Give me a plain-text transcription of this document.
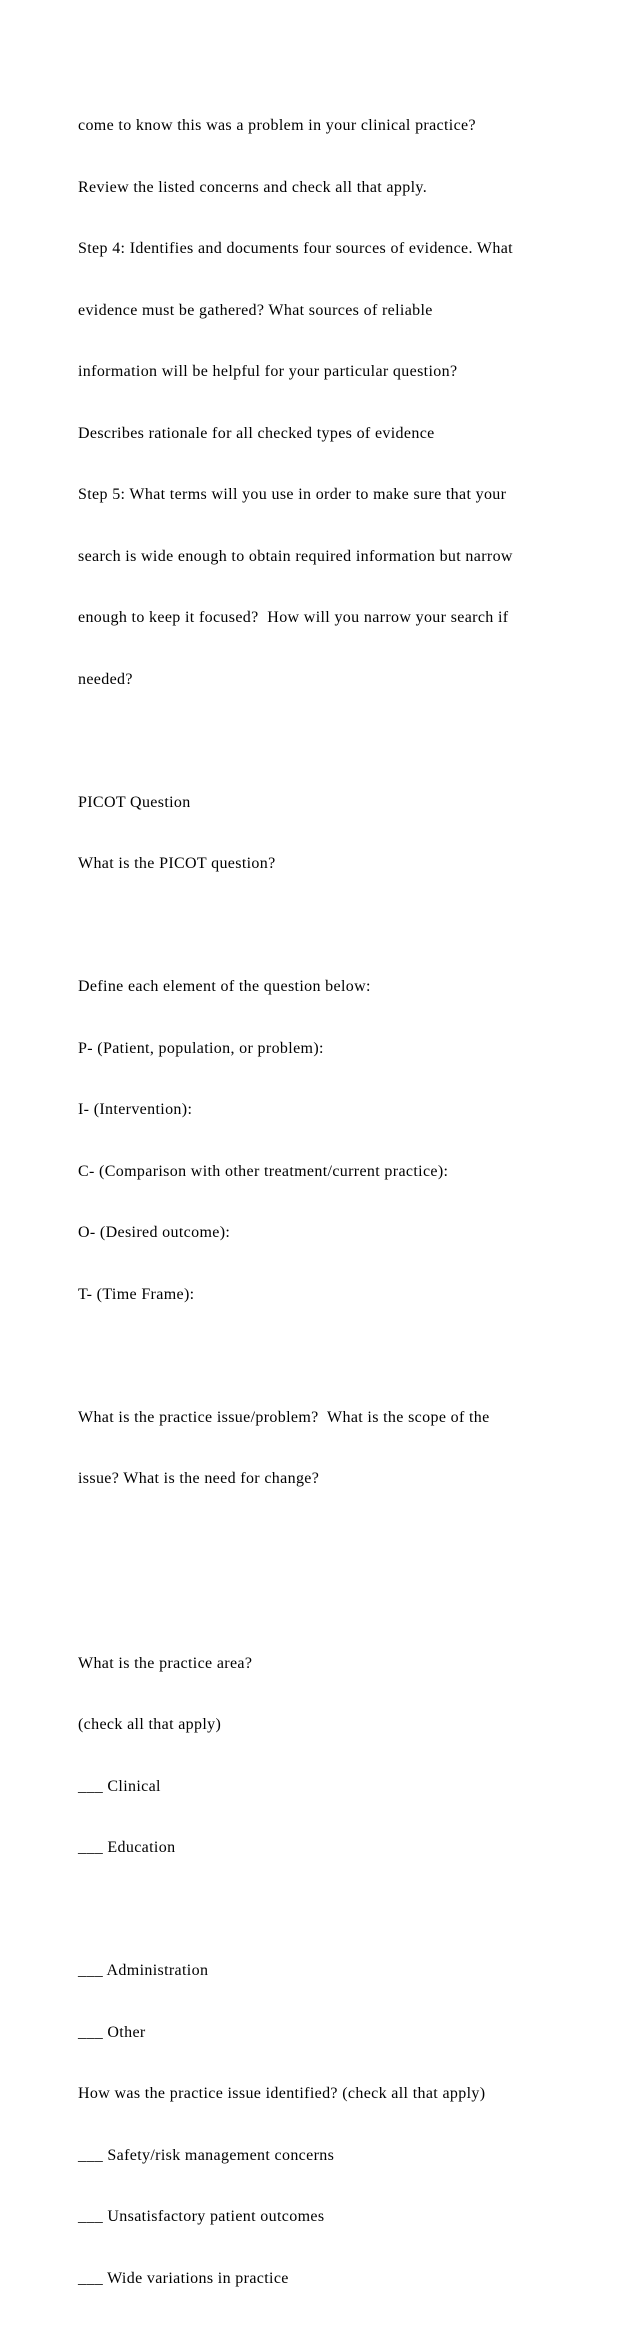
come to know this was a problem in your clinical practice?

Review the listed concerns and check all that apply.

Step 4: Identifies and documents four sources of evidence. What

evidence must be gathered? What sources of reliable

information will be helpful for your particular question?

Describes rationale for all checked types of evidence

Step 5: What terms will you use in order to make sure that your

search is wide enough to obtain required information but narrow

enough to keep it focused?  How will you narrow your search if

needed?

PICOT Question

What is the PICOT question?

Define each element of the question below:

P- (Patient, population, or problem):

I- (Intervention):

C- (Comparison with other treatment/current practice):

O- (Desired outcome):

T- (Time Frame):

What is the practice issue/problem?  What is the scope of the

issue? What is the need for change?

What is the practice area?

(check all that apply)

___ Clinical

___ Education

___ Administration

___ Other

How was the practice issue identified? (check all that apply)

___ Safety/risk management concerns

___ Unsatisfactory patient outcomes

___ Wide variations in practice
